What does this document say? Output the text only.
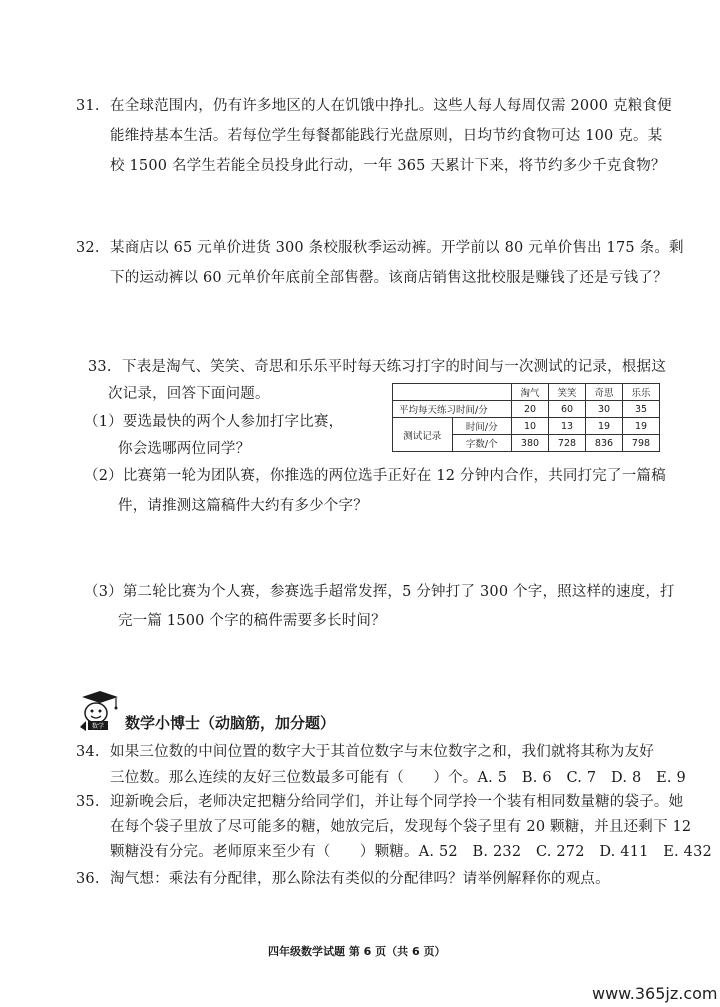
31. 在全球范围内，仍有许多地区的人在饥饿中挣扎。这些人每人每周仅需 2000 克粮食便
能维持基本生活。若每位学生每餐都能践行光盘原则，日均节约食物可达 100 克。某
校 1500 名学生若能全员投身此行动，一年 365 天累计下来，将节约多少千克食物？
32. 某商店以 65 元单价进货 300 条校服秋季运动裤。开学前以 80 元单价售出 175 条。剩
下的运动裤以 60 元单价年底前全部售罄。该商店销售这批校服是赚钱了还是亏钱了？
33. 下表是淘气、笑笑、奇思和乐乐平时每天练习打字的时间与一次测试的记录，根据这
次记录，回答下面问题。
（1）要选最快的两个人参加打字比赛，
你会选哪两位同学？
		淘气	笑笑	奇思	乐乐
平均每天练习时间/分		20	60	30	35
测试记录	时间/分	10	13	19	19
	字数/个	380	728	836	798
（2）比赛第一轮为团队赛，你推选的两位选手正好在 12 分钟内合作，共同打完了一篇稿
件，请推测这篇稿件大约有多少个字？
（3）第二轮比赛为个人赛，参赛选手超常发挥，5 分钟打了 300 个字，照这样的速度，打
完一篇 1500 个字的稿件需要多长时间？
数学 数学小博士（动脑筋，加分题）
34. 如果三位数的中间位置的数字大于其首位数字与末位数字之和，我们就将其称为友好
三位数。那么连续的友好三位数最多可能有（　　）个。A. 5　B. 6　C. 7　D. 8　E. 9
35. 迎新晚会后，老师决定把糖分给同学们，并让每个同学拎一个装有相同数量糖的袋子。她
在每个袋子里放了尽可能多的糖，她放完后，发现每个袋子里有 20 颗糖，并且还剩下 12
颗糖没有分完。老师原来至少有（　　）颗糖。A. 52　B. 232　C. 272　D. 411　E. 432
36. 淘气想：乘法有分配律，那么除法有类似的分配律吗？请举例解释你的观点。
四年级数学试题 第 6 页（共 6 页）
www.365jz.com
